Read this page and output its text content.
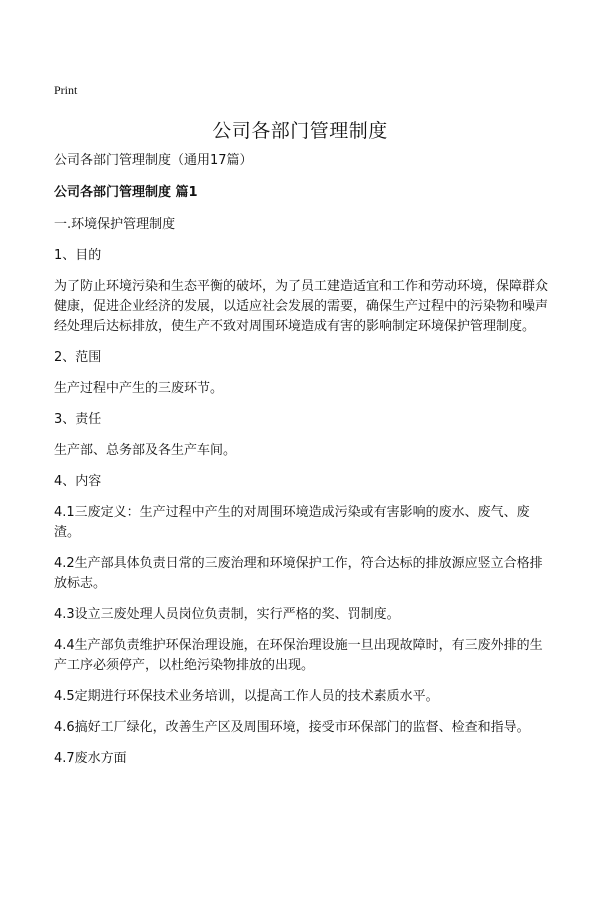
Print
公司各部门管理制度

公司各部门管理制度（通用17篇）

公司各部门管理制度 篇1

一.环境保护管理制度

1、目的

为了防止环境污染和生态平衡的破坏，为了员工建造适宜和工作和劳动环境，保障群众健康，促进企业经济的发展，以适应社会发展的需要，确保生产过程中的污染物和噪声经处理后达标排放，使生产不致对周围环境造成有害的影响制定环境保护管理制度。

2、范围

生产过程中产生的三废环节。

3、责任

生产部、总务部及各生产车间。

4、内容

4.1三废定义：生产过程中产生的对周围环境造成污染或有害影响的废水、废气、废渣。

4.2生产部具体负责日常的三废治理和环境保护工作，符合达标的排放源应竖立合格排放标志。

4.3设立三废处理人员岗位负责制，实行严格的奖、罚制度。

4.4生产部负责维护环保治理设施，在环保治理设施一旦出现故障时，有三废外排的生产工序必须停产，以杜绝污染物排放的出现。

4.5定期进行环保技术业务培训，以提高工作人员的技术素质水平。

4.6搞好工厂绿化，改善生产区及周围环境，接受市环保部门的监督、检查和指导。

4.7废水方面
